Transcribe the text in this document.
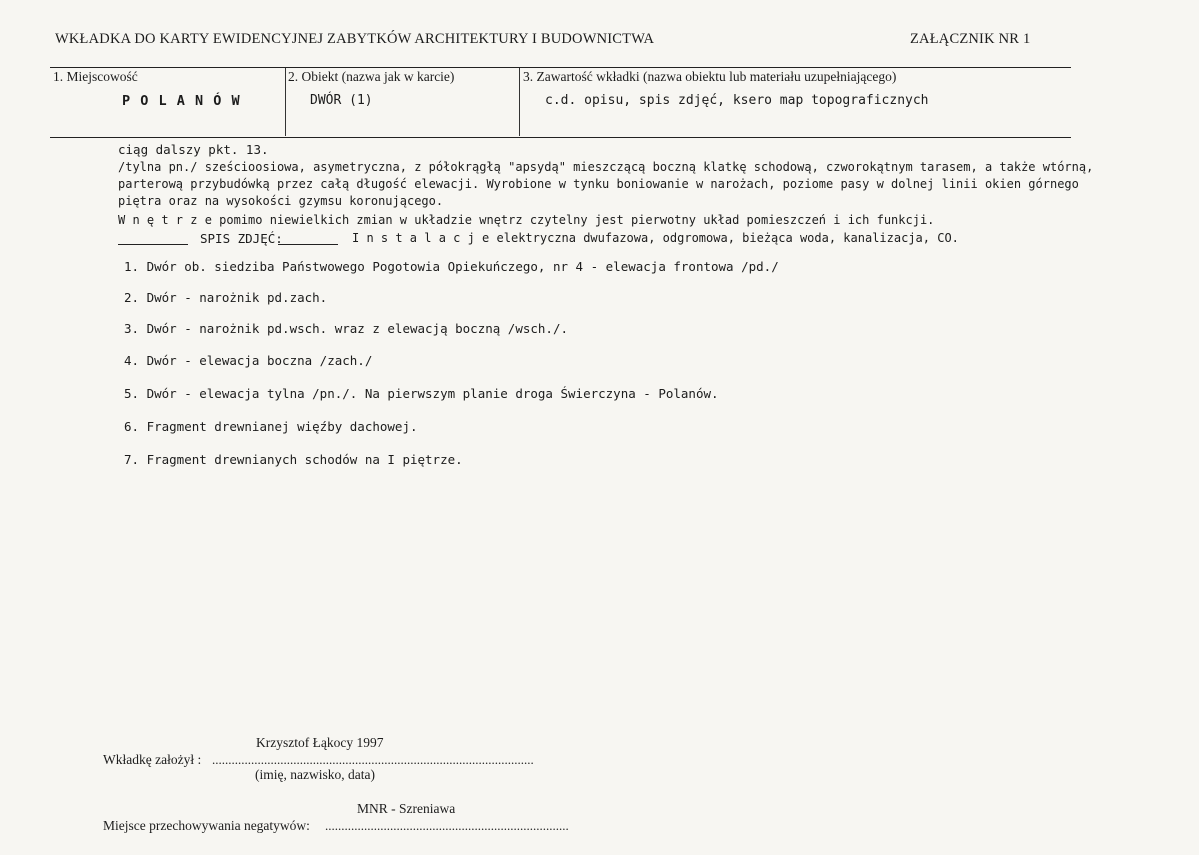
WKŁADKA DO KARTY EWIDENCYJNEJ ZABYTKÓW ARCHITEKTURY I BUDOWNICTWA	ZAŁĄCZNIK NR 1
1. Miejscowość
P O L A N Ó W
2. Obiekt (nazwa jak w karcie)
DWÓR (1)
3. Zawartość wkładki (nazwa obiektu lub materiału uzupełniającego)
c.d. opisu, spis zdjęć, ksero map topograficznych
ciąg dalszy pkt. 13.
/tylna pn./ sześcioosiowa, asymetryczna, z półokrągłą "apsydą" mieszczącą boczną klatkę schodową, czworokątnym tarasem, a także wtórną,
parterową przybudówką przez całą długość elewacji. Wyrobione w tynku boniowanie w narożach, poziome pasy w dolnej linii okien górnego
piętra oraz na wysokości gzymsu koronującego.
W n ę t r z e pomimo niewielkich zmian w układzie wnętrz czytelny jest pierwotny układ pomieszczeń i ich funkcji.
SPIS ZDJĘĆ:	I n s t a l a c j e elektryczna dwufazowa, odgromowa, bieżąca woda, kanalizacja, CO.
1. Dwór ob. siedziba Państwowego Pogotowia Opiekuńczego, nr 4 - elewacja frontowa /pd./
2. Dwór - narożnik pd.zach.
3. Dwór - narożnik pd.wsch. wraz z elewacją boczną /wsch./.
4. Dwór - elewacja boczna /zach./
5. Dwór - elewacja tylna /pn./. Na pierwszym planie droga Świerczyna - Polanów.
6. Fragment drewnianej więźby dachowej.
7. Fragment drewnianych schodów na I piętrze.
Krzysztof Łąkocy 1997
Wkładkę założył : ...................................................................................................
(imię, nazwisko, data)
MNR - Szreniawa
Miejsce przechowywania negatywów: ...........................................................................
